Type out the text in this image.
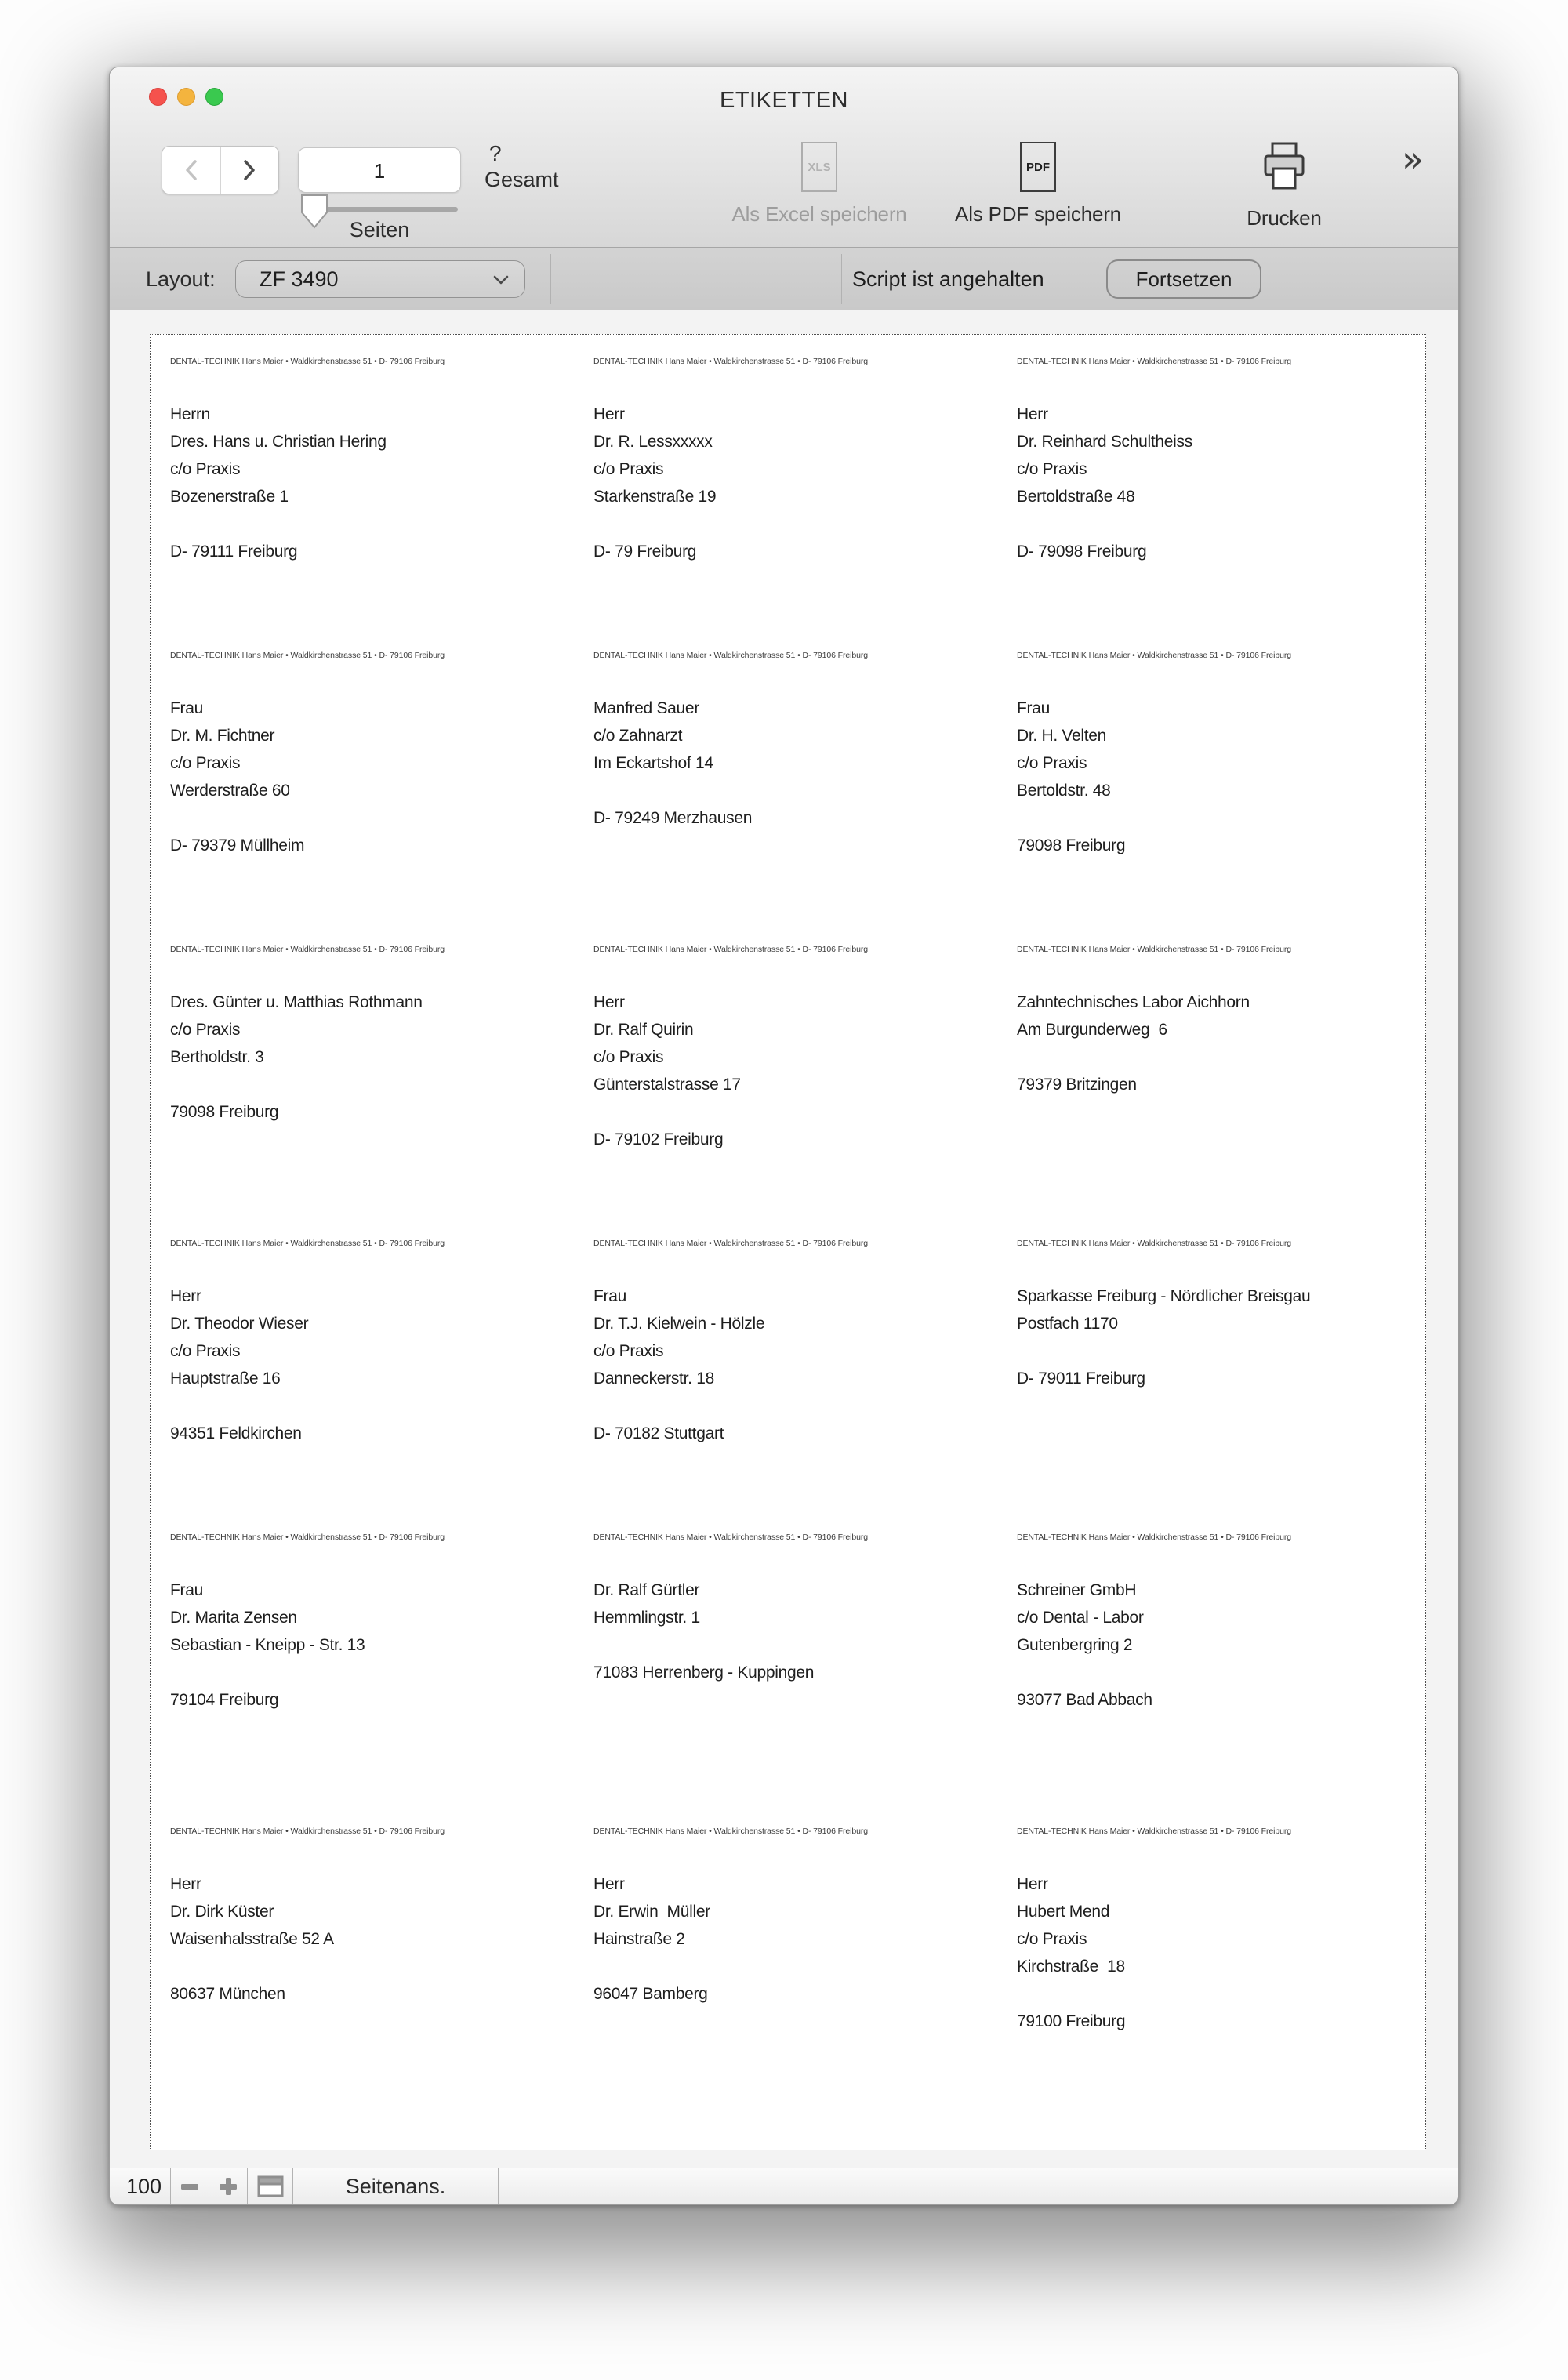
ETIKETTEN
1
?
Gesamt
Seiten
XLS
Als Excel speichern
PDF
Als PDF speichern	Drucken
»
Layout: ZF 3490	Script ist angehalten	Fortsetzen
DENTAL-TECHNIK Hans Maier • Waldkirchenstrasse 51 • D- 79106 Freiburg
Herrn
Dres. Hans u. Christian Hering
c/o Praxis
Bozenerstraße 1
D- 79111 Freiburg
DENTAL-TECHNIK Hans Maier • Waldkirchenstrasse 51 • D- 79106 Freiburg
Herr
Dr. R. Lessxxxxx
c/o Praxis
Starkenstraße 19
D- 79 Freiburg
DENTAL-TECHNIK Hans Maier • Waldkirchenstrasse 51 • D- 79106 Freiburg
Herr
Dr. Reinhard Schultheiss
c/o Praxis
Bertoldstraße 48
D- 79098 Freiburg
DENTAL-TECHNIK Hans Maier • Waldkirchenstrasse 51 • D- 79106 Freiburg
Frau
Dr. M. Fichtner
c/o Praxis
Werderstraße 60
D- 79379 Müllheim
DENTAL-TECHNIK Hans Maier • Waldkirchenstrasse 51 • D- 79106 Freiburg
Manfred Sauer
c/o Zahnarzt
Im Eckartshof 14
D- 79249 Merzhausen
DENTAL-TECHNIK Hans Maier • Waldkirchenstrasse 51 • D- 79106 Freiburg
Frau
Dr. H. Velten
c/o Praxis
Bertoldstr. 48
79098 Freiburg
DENTAL-TECHNIK Hans Maier • Waldkirchenstrasse 51 • D- 79106 Freiburg
Dres. Günter u. Matthias Rothmann
c/o Praxis
Bertholdstr. 3
79098 Freiburg
DENTAL-TECHNIK Hans Maier • Waldkirchenstrasse 51 • D- 79106 Freiburg
Herr
Dr. Ralf Quirin
c/o Praxis
Günterstalstrasse 17
D- 79102 Freiburg
DENTAL-TECHNIK Hans Maier • Waldkirchenstrasse 51 • D- 79106 Freiburg
Zahntechnisches Labor Aichhorn
Am Burgunderweg  6
79379 Britzingen
DENTAL-TECHNIK Hans Maier • Waldkirchenstrasse 51 • D- 79106 Freiburg
Herr
Dr. Theodor Wieser
c/o Praxis
Hauptstraße 16
94351 Feldkirchen
DENTAL-TECHNIK Hans Maier • Waldkirchenstrasse 51 • D- 79106 Freiburg
Frau
Dr. T.J. Kielwein - Hölzle
c/o Praxis
Danneckerstr. 18
D- 70182 Stuttgart
DENTAL-TECHNIK Hans Maier • Waldkirchenstrasse 51 • D- 79106 Freiburg
Sparkasse Freiburg - Nördlicher Breisgau
Postfach 1170
D- 79011 Freiburg
DENTAL-TECHNIK Hans Maier • Waldkirchenstrasse 51 • D- 79106 Freiburg
Frau
Dr. Marita Zensen
Sebastian - Kneipp - Str. 13
79104 Freiburg
DENTAL-TECHNIK Hans Maier • Waldkirchenstrasse 51 • D- 79106 Freiburg
Dr. Ralf Gürtler
Hemmlingstr. 1
71083 Herrenberg - Kuppingen
DENTAL-TECHNIK Hans Maier • Waldkirchenstrasse 51 • D- 79106 Freiburg
Schreiner GmbH
c/o Dental - Labor
Gutenbergring 2
93077 Bad Abbach
DENTAL-TECHNIK Hans Maier • Waldkirchenstrasse 51 • D- 79106 Freiburg
Herr
Dr. Dirk Küster
Waisenhalsstraße 52 A
80637 München
DENTAL-TECHNIK Hans Maier • Waldkirchenstrasse 51 • D- 79106 Freiburg
Herr
Dr. Erwin  Müller
Hainstraße 2
96047 Bamberg
DENTAL-TECHNIK Hans Maier • Waldkirchenstrasse 51 • D- 79106 Freiburg
Herr
Hubert Mend
c/o Praxis
Kirchstraße  18
79100 Freiburg
100	Seitenans.
